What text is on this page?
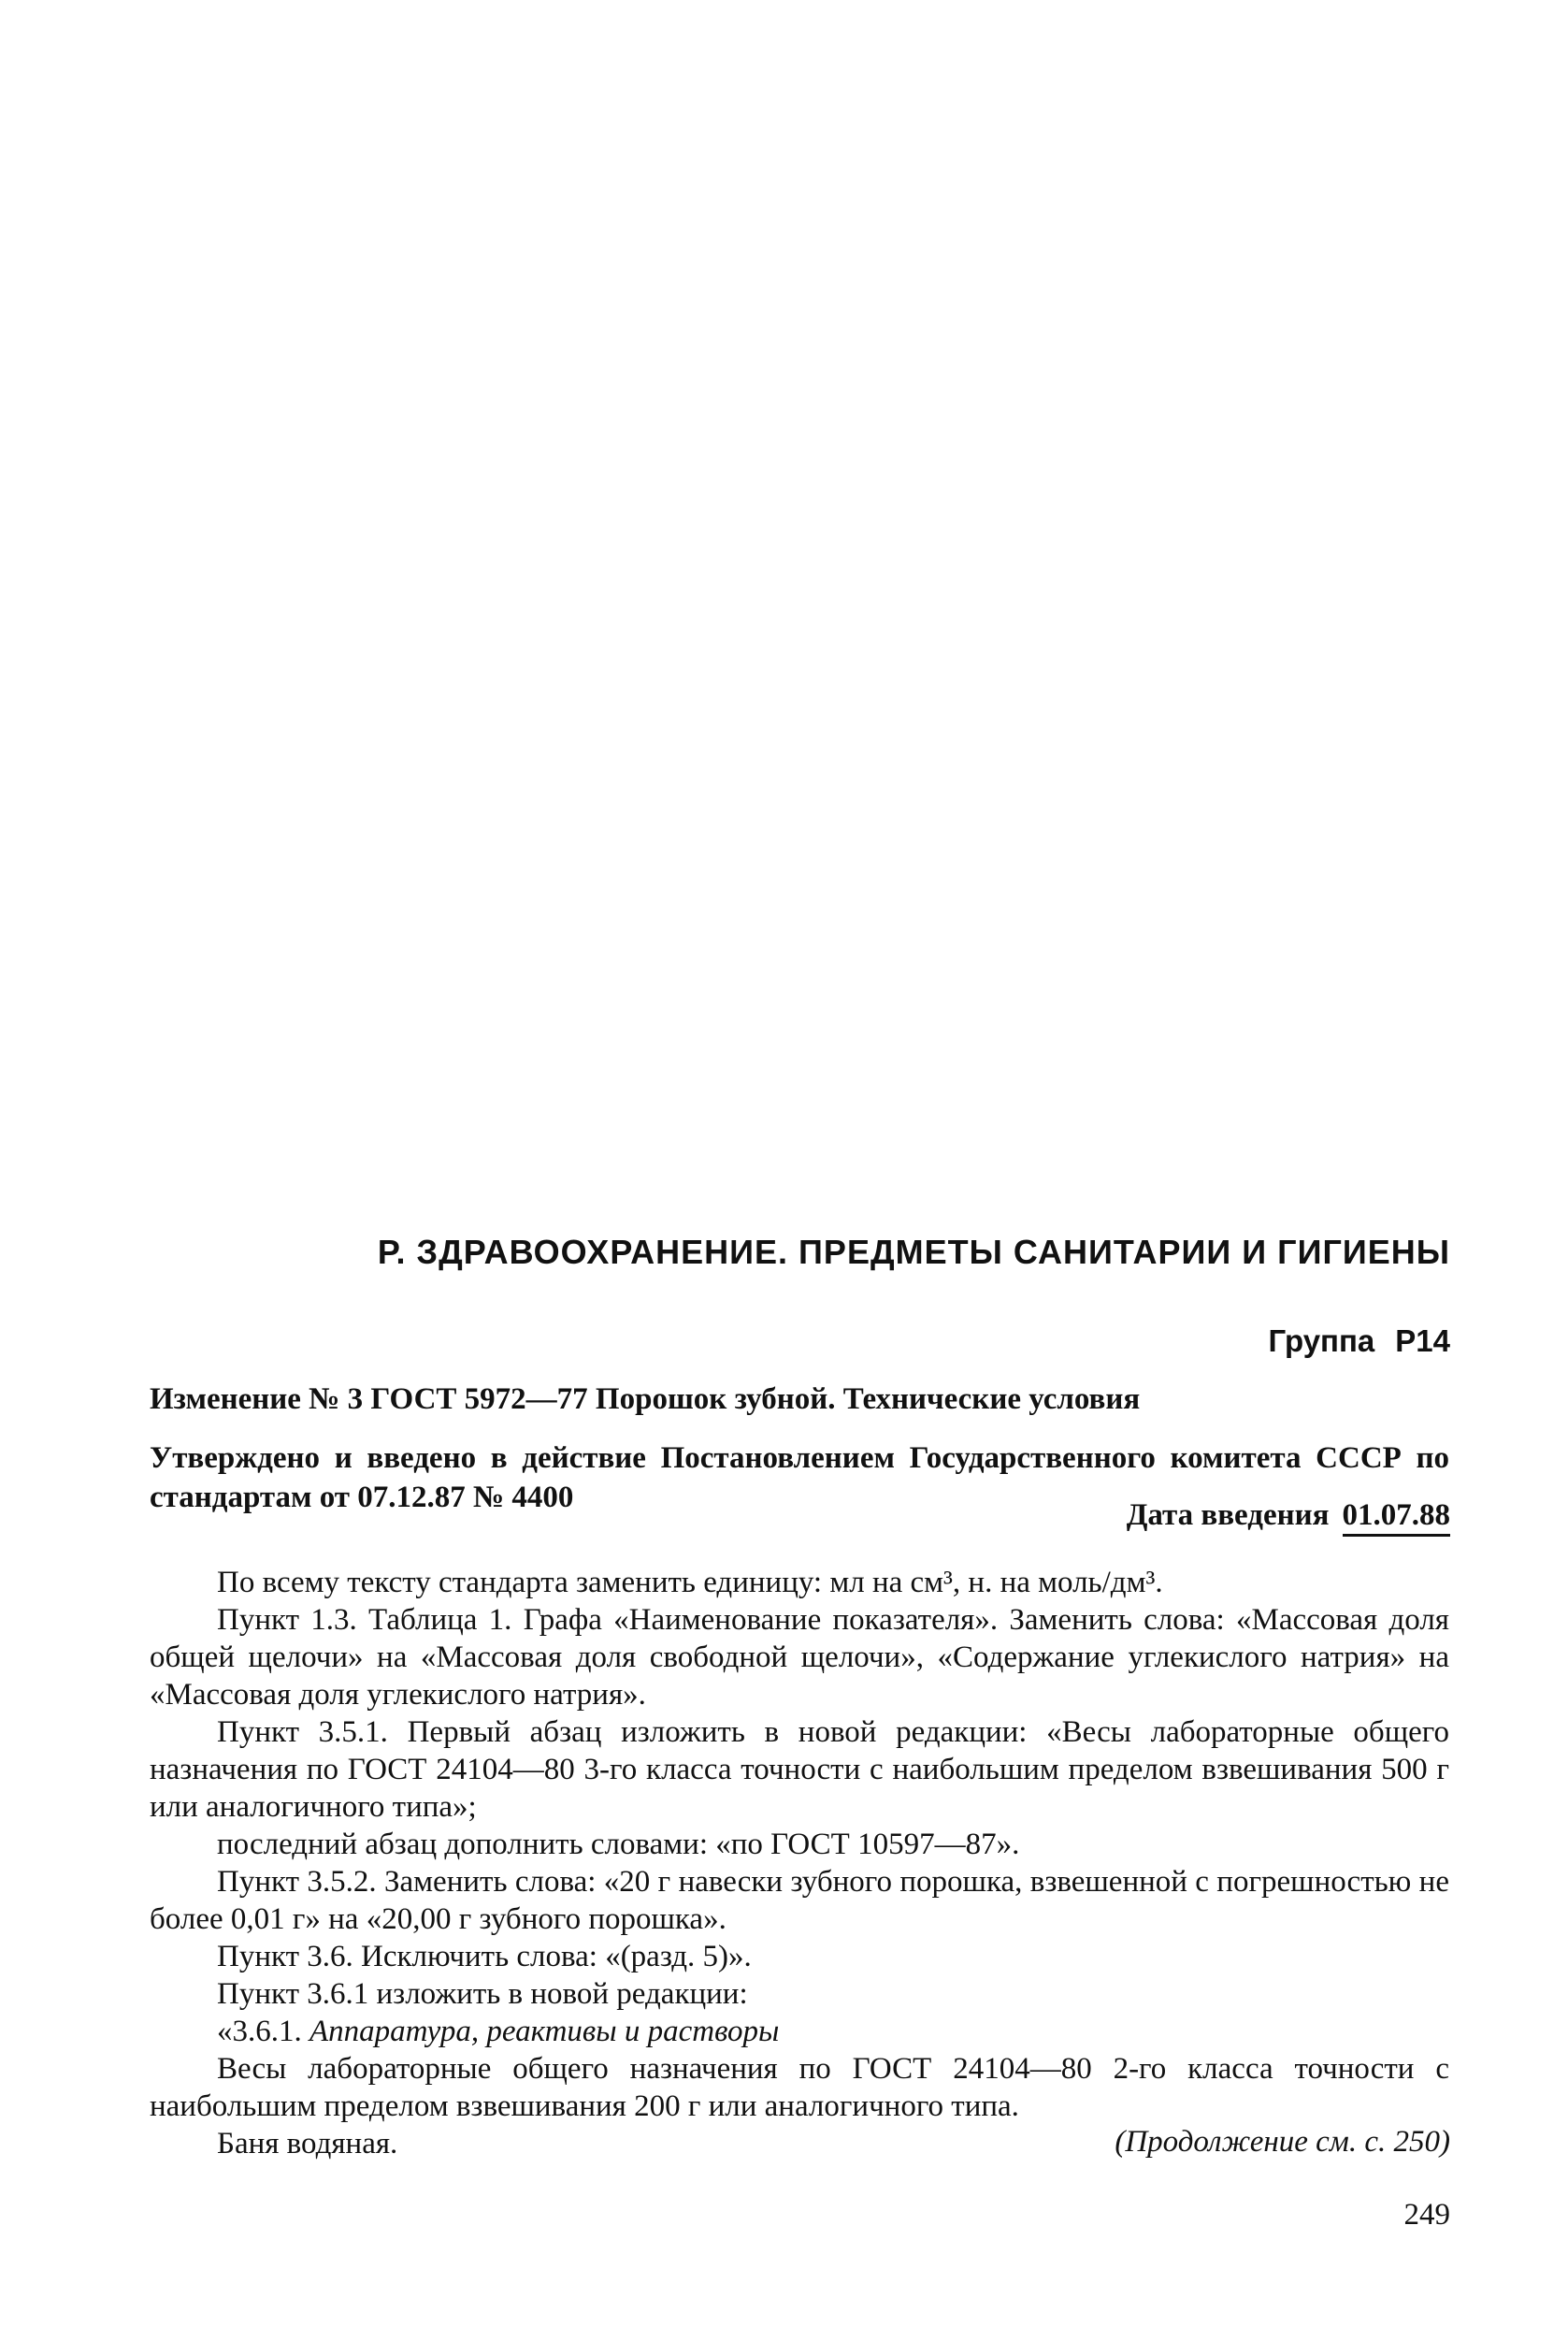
Р. ЗДРАВООХРАНЕНИЕ. ПРЕДМЕТЫ САНИТАРИИ И ГИГИЕНЫ
Группа Р14
Изменение № 3 ГОСТ 5972—77 Порошок зубной. Технические условия
Утверждено и введено в действие Постановлением Государственного комитета СССР по стандартам от 07.12.87 № 4400
Дата введения 01.07.88

По всему тексту стандарта заменить единицу: мл на см³, н. на моль/дм³.

Пункт 1.3. Таблица 1. Графа «Наименование показателя». Заменить слова: «Массовая доля общей щелочи» на «Массовая доля свободной щелочи», «Содержание углекислого натрия» на «Массовая доля углекислого натрия».

Пункт 3.5.1. Первый абзац изложить в новой редакции: «Весы лабораторные общего назначения по ГОСТ 24104—80 3-го класса точности с наибольшим пределом взвешивания 500 г или аналогичного типа»;

последний абзац дополнить словами: «по ГОСТ 10597—87».

Пункт 3.5.2. Заменить слова: «20 г навески зубного порошка, взвешенной с погрешностью не более 0,01 г» на «20,00 г зубного порошка».

Пункт 3.6. Исключить слова: «(разд. 5)».

Пункт 3.6.1 изложить в новой редакции:

«3.6.1. Аппаратура, реактивы и растворы

Весы лабораторные общего назначения по ГОСТ 24104—80 2-го класса точности с наибольшим пределом взвешивания 200 г или аналогичного типа.

Баня водяная.	(Продолжение см. с. 250)
249
